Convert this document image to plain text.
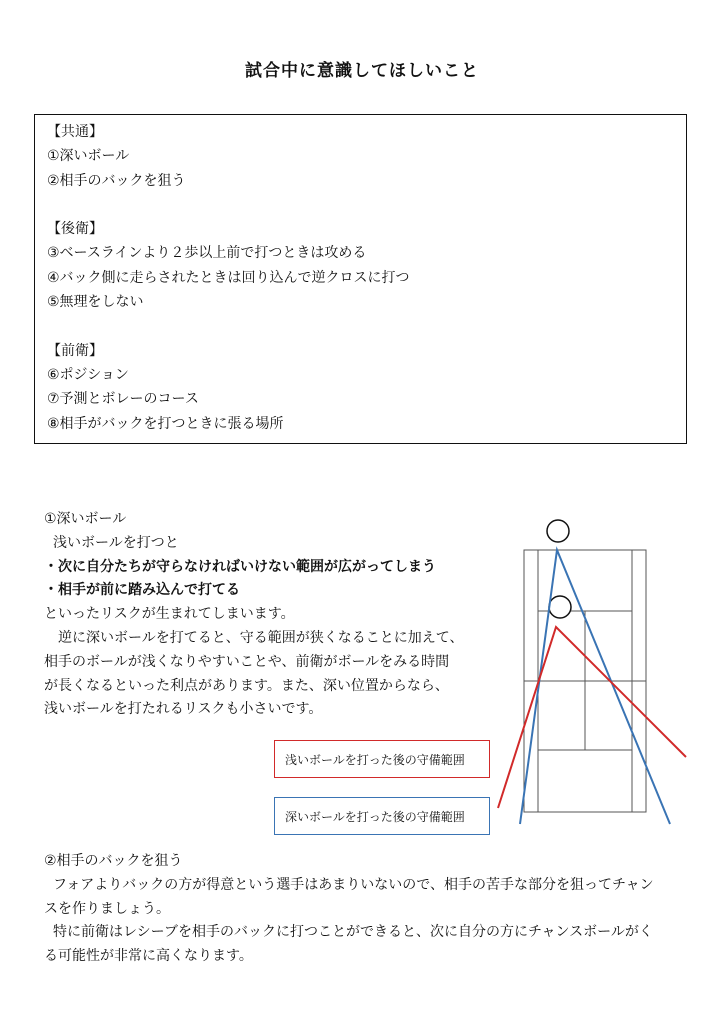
試合中に意識してほしいこと
【共通】
①深いボール
②相手のバックを狙う
【後衛】
③ベースラインより２歩以上前で打つときは攻める
④バック側に走らされたときは回り込んで逆クロスに打つ
⑤無理をしない
【前衛】
⑥ポジション
⑦予測とボレーのコース
⑧相手がバックを打つときに張る場所
①深いボール
浅いボールを打つと
・次に自分たちが守らなければいけない範囲が広がってしまう
・相手が前に踏み込んで打てる
といったリスクが生まれてしまいます。
逆に深いボールを打てると、守る範囲が狭くなることに加えて、
相手のボールが浅くなりやすいことや、前衛がボールをみる時間
が長くなるといった利点があります。また、深い位置からなら、
浅いボールを打たれるリスクも小さいです。
浅いボールを打った後の守備範囲
深いボールを打った後の守備範囲
②相手のバックを狙う
フォアよりバックの方が得意という選手はあまりいないので、相手の苦手な部分を狙ってチャン
スを作りましょう。
特に前衛はレシーブを相手のバックに打つことができると、次に自分の方にチャンスボールがく
る可能性が非常に高くなります。
